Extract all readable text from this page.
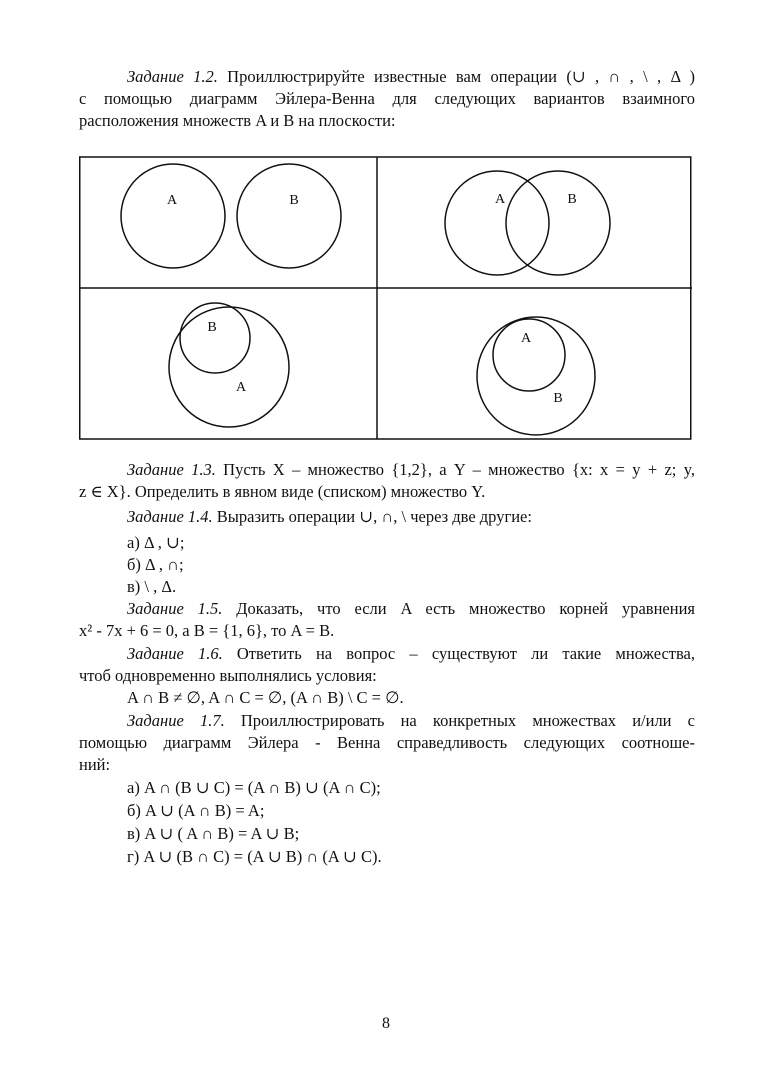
Задание 1.2. Проиллюстрируйте известные вам операции (∪ , ∩ , \ , Δ )
с помощью диаграмм Эйлера-Венна для следующих вариантов взаимного
расположения множеств A и B на плоскости:
A	B	A	B
B
A
A
B
Задание 1.3. Пусть X – множество {1,2}, а Y – множество {x: x = y + z; y,
z ∈ X}. Определить в явном виде (списком) множество Y.
Задание 1.4. Выразить операции ∪, ∩, \ через две другие:
а) Δ , ∪;
б) Δ , ∩;
в) \ , Δ.
Задание 1.5. Доказать, что если A есть множество корней уравнения
x² - 7x + 6 = 0, а B = {1, 6}, то A = B.
Задание 1.6. Ответить на вопрос – существуют ли такие множества,
чтоб одновременно выполнялись условия:
A ∩ B ≠ ∅, A ∩ C = ∅, (A ∩ B) \ C = ∅.
Задание 1.7. Проиллюстрировать на конкретных множествах и/или с
помощью диаграмм Эйлера - Венна справедливость следующих соотноше-
ний:
а) A ∩ (B ∪ C) = (A ∩ B) ∪ (A ∩ C);
б) A ∪ (A ∩ B) = A;
в) A ∪ ( A ∩ B) = A ∪ B;
г) A ∪ (B ∩ C) = (A ∪ B) ∩ (A ∪ C).
8
